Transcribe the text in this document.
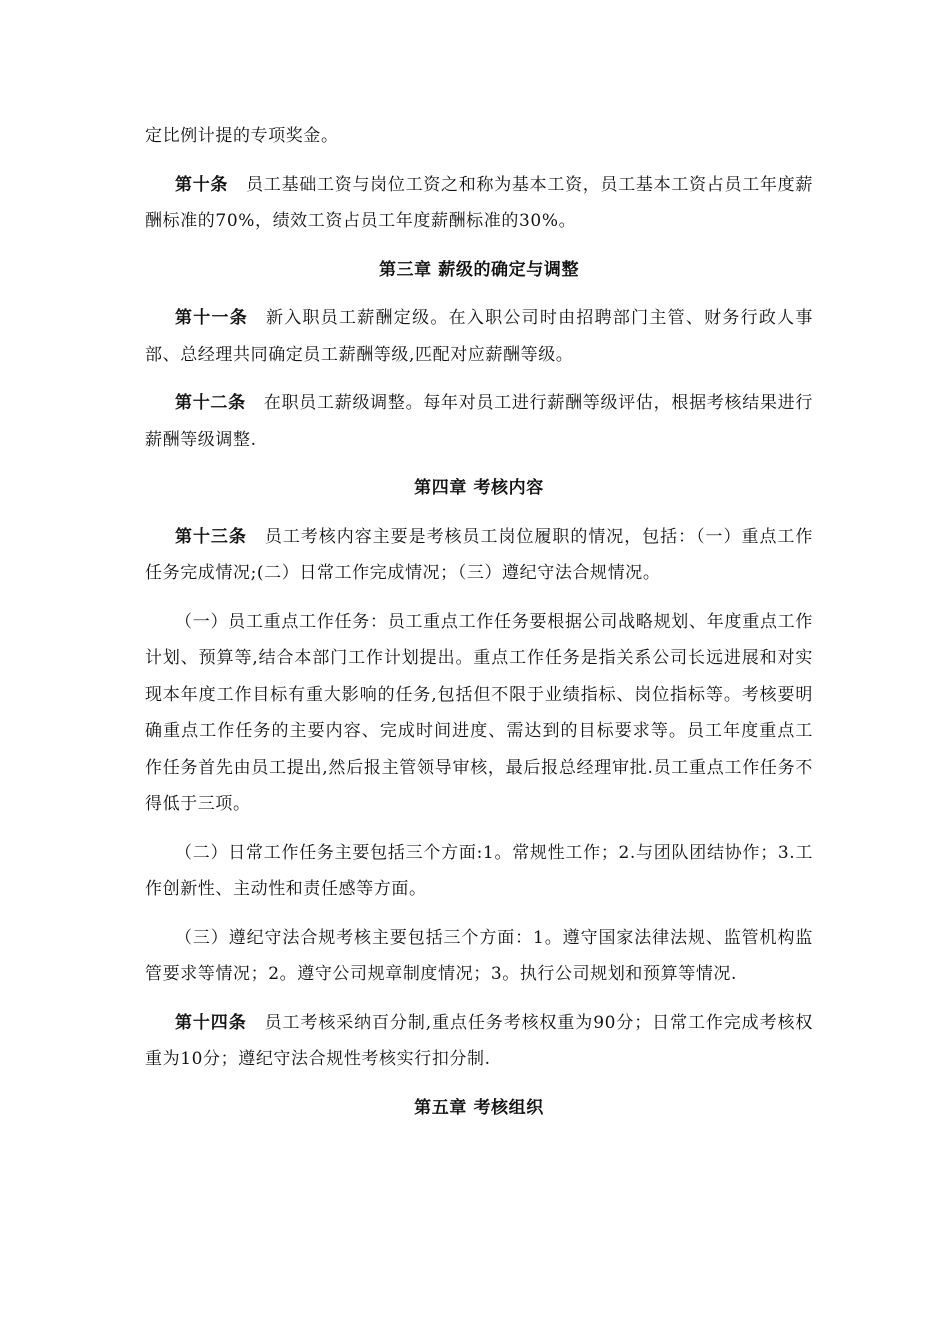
定比例计提的专项奖金。

第十条 员工基础工资与岗位工资之和称为基本工资，员工基本工资占员工年度薪酬标准的70%，绩效工资占员工年度薪酬标准的30%。

第三章 薪级的确定与调整

第十一条 新入职员工薪酬定级。在入职公司时由招聘部门主管、财务行政人事部、总经理共同确定员工薪酬等级,匹配对应薪酬等级。

第十二条 在职员工薪级调整。每年对员工进行薪酬等级评估，根据考核结果进行薪酬等级调整.

第四章 考核内容

第十三条 员工考核内容主要是考核员工岗位履职的情况，包括：（一）重点工作任务完成情况;(二）日常工作完成情况；（三）遵纪守法合规情况。

（一）员工重点工作任务：员工重点工作任务要根据公司战略规划、年度重点工作计划、预算等,结合本部门工作计划提出。重点工作任务是指关系公司长远进展和对实现本年度工作目标有重大影响的任务,包括但不限于业绩指标、岗位指标等。考核要明确重点工作任务的主要内容、完成时间进度、需达到的目标要求等。员工年度重点工作任务首先由员工提出,然后报主管领导审核，最后报总经理审批.员工重点工作任务不得低于三项。

（二）日常工作任务主要包括三个方面:1。常规性工作；2.与团队团结协作；3.工作创新性、主动性和责任感等方面。

（三）遵纪守法合规考核主要包括三个方面：1。遵守国家法律法规、监管机构监管要求等情况；2。遵守公司规章制度情况；3。执行公司规划和预算等情况.

第十四条 员工考核采纳百分制,重点任务考核权重为90分；日常工作完成考核权重为10分；遵纪守法合规性考核实行扣分制.

第五章 考核组织
